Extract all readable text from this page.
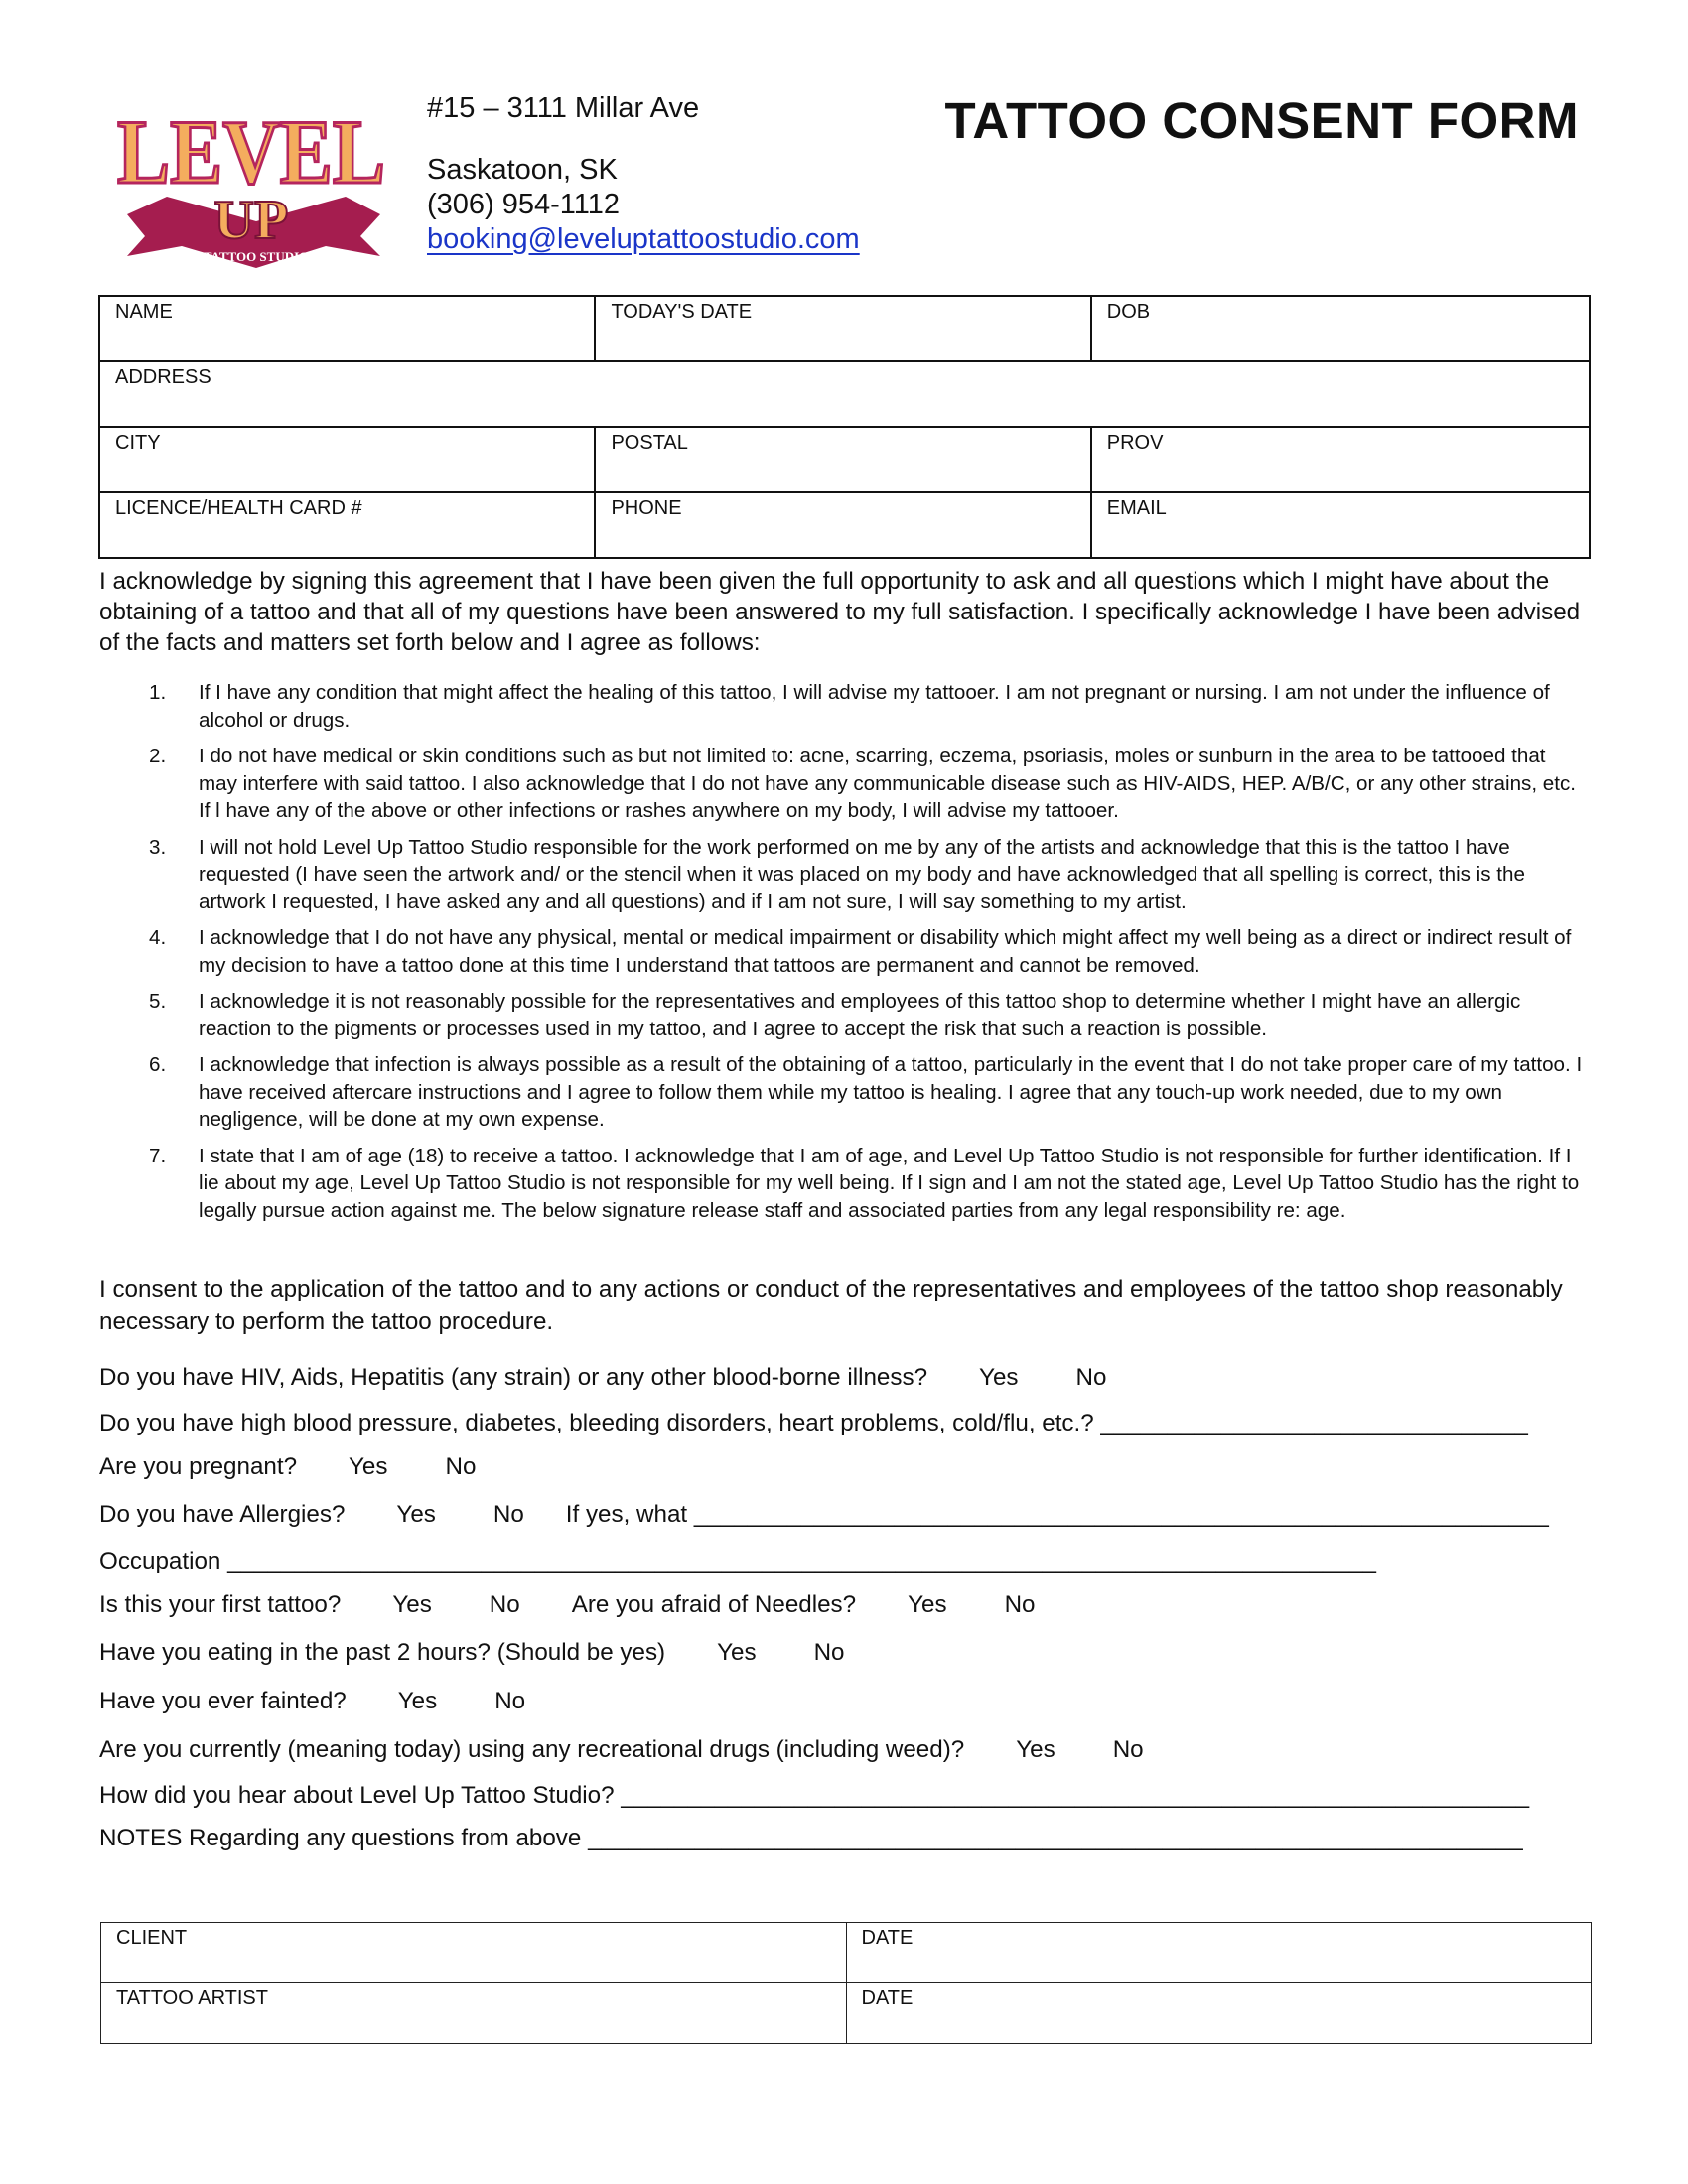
LEVEL
UP
TATTOO STUDIO
#15 – 3111 Millar Ave
Saskatoon, SK
(306) 954-1112
booking@leveluptattoostudio.com
TATTOO CONSENT FORM
NAME	TODAY'S DATE	DOB
ADDRESS		
CITY	POSTAL	PROV
LICENCE/HEALTH CARD #	PHONE	EMAIL
I acknowledge by signing this agreement that I have been given the full opportunity to ask and all questions which I might have about the obtaining of a tattoo and that all of my questions have been answered to my full satisfaction. I specifically acknowledge I have been advised of the facts and matters set forth below and I agree as follows:
1.	If I have any condition that might affect the healing of this tattoo, I will advise my tattooer. I am not pregnant or nursing. I am not under the influence of alcohol or drugs.
2.	I do not have medical or skin conditions such as but not limited to: acne, scarring, eczema, psoriasis, moles or sunburn in the area to be tattooed that may interfere with said tattoo. I also acknowledge that I do not have any communicable disease such as HIV-AIDS, HEP. A/B/C, or any other strains, etc. If l have any of the above or other infections or rashes anywhere on my body, I will advise my tattooer.
3.	I will not hold Level Up Tattoo Studio responsible for the work performed on me by any of the artists and acknowledge that this is the tattoo I have requested (I have seen the artwork and/ or the stencil when it was placed on my body and have acknowledged that all spelling is correct, this is the artwork I requested, I have asked any and all questions) and if I am not sure, I will say something to my artist.
4.	I acknowledge that I do not have any physical, mental or medical impairment or disability which might affect my well being as a direct or indirect result of my decision to have a tattoo done at this time I understand that tattoos are permanent and cannot be removed.
5.	I acknowledge it is not reasonably possible for the representatives and employees of this tattoo shop to determine whether I might have an allergic reaction to the pigments or processes used in my tattoo, and I agree to accept the risk that such a reaction is possible.
6.	I acknowledge that infection is always possible as a result of the obtaining of a tattoo, particularly in the event that I do not take proper care of my tattoo. I have received aftercare instructions and I agree to follow them while my tattoo is healing. I agree that any touch-up work needed, due to my own negligence, will be done at my own expense.
7.	I state that I am of age (18) to receive a tattoo. I acknowledge that I am of age, and Level Up Tattoo Studio is not responsible for further identification. If I lie about my age, Level Up Tattoo Studio is not responsible for my well being. If I sign and I am not the stated age, Level Up Tattoo Studio has the right to legally pursue action against me. The below signature release staff and associated parties from any legal responsibility re: age.
I consent to the application of the tattoo and to any actions or conduct of the representatives and employees of the tattoo shop reasonably necessary to perform the tattoo procedure.
Do you have HIV, Aids, Hepatitis (any strain) or any other blood-borne illness? Yes No
Do you have high blood pressure, diabetes, bleeding disorders, heart problems, cold/flu, etc.? ________________________________
Are you pregnant? Yes No
Do you have Allergies? Yes No If yes, what ________________________________________________________________
Occupation ______________________________________________________________________________________
Is this your first tattoo? Yes No Are you afraid of Needles? Yes No
Have you eating in the past 2 hours? (Should be yes) Yes No
Have you ever fainted? Yes No
Are you currently (meaning today) using any recreational drugs (including weed)? Yes No
How did you hear about Level Up Tattoo Studio? ____________________________________________________________________
NOTES Regarding any questions from above ______________________________________________________________________
CLIENT	DATE
TATTOO ARTIST	DATE
